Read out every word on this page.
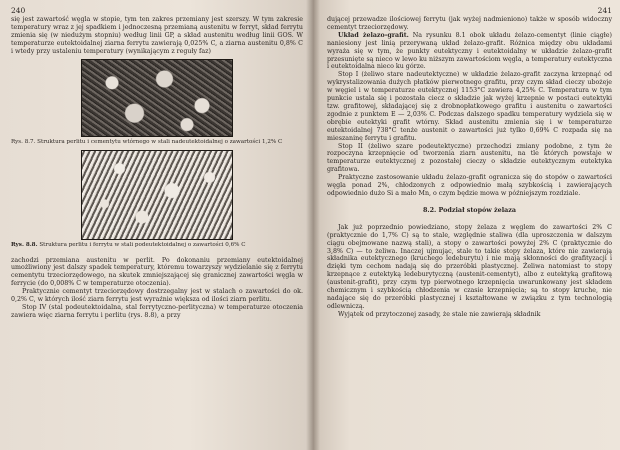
240

się jest zawartość węgla w stopie, tym ten zakres przemiany jest szerszy. W tym zakresie temperatury wraz z jej spadkiem i jednoczesną przemianą austenitu w ferryt, skład ferrytu zmienia się (w niedużym stopniu) według linii GP, a skład austenitu według linii GOS. W temperaturze eutektoidalnej ziarna ferrytu zawierają 0,025% C, a ziarna austenitu 0,8% C i wtedy przy ustaleniu temperatury (wynikającym z reguły faz)

Rys. 8.7. Struktura perlitu i cementytu wtórnego w stali nadeutektoidalnej o zawartości 1,2% C
Rys. 8.8. Struktura perlitu i ferrytu w stali podeutektoidalnej o zawartości 0,6% C

zachodzi przemiana austenitu w perlit. Po dokonaniu przemiany eutektoidalnej umożliwiony jest dalszy spadek temperatury, któremu towarzyszy wydzielanie się z ferrytu cementytu trzeciorzędowego, na skutek zmniejszającej się granicznej zawartości węgla w ferrycie (do 0,008% C w temperaturze otoczenia).

Praktycznie cementyt trzeciorzędowy dostrzegalny jest w stalach o zawartości do ok. 0,2% C, w których ilość ziarn ferrytu jest wyraźnie większa od ilości ziarn perlitu.

Stop IV (stal podeutektoidalna, stal ferrytyczno-perlityczna) w temperaturze otoczenia zawiera więc ziarna ferrytu i perlitu (rys. 8.8), a przy

241

dującej przewadze ilościowej ferrytu (jak wyżej nadmieniono) także w sposób widoczny cementyt trzeciorzędowy.

Układ żelazo-grafit. Na rysunku 8.1 obok układu żelazo-cementyt (linie ciągłe) naniesiony jest linią przerywaną układ żelazo-grafit. Różnica między obu układami wyraża się w tym, że punkty eutektyczny i eutektoidalny w układzie żelazo-grafit przesunięte są nieco w lewo ku niższym zawartościom węgla, a temperatury eutektyczna i eutektoidalna nieco ku górze.

Stop I (żeliwo stare nadeutektyczne) w układzie żelazo-grafit zaczyna krzepnąć od wykrystalizowania dużych płatków pierwotnego grafitu, przy czym skład cieczy ubożeje w węgiel i w temperaturze eutektycznej 1153°C zawiera 4,25% C. Temperatura w tym punkcie ustala się i pozostała ciecz o składzie jak wyżej krzepnie w postaci eutektyki tzw. grafitowej, składającej się z drobnopłatkowego grafitu i austenitu o zawartości zgodnie z punktem E — 2,03% C. Podczas dalszego spadku temperatury wydziela się w obrębie eutektyki grafit wtórny. Skład austenitu zmienia się i w temperaturze eutektoidalnej 738°C tenże austenit o zawartości już tylko 0,69% C rozpada się na mieszaninę ferrytu i grafitu.

Stop II (żeliwo szare podeutektyczne) przechodzi zmiany podobne, z tym że rozpoczyna krzepnięcie od tworzenia ziarn austenitu, na tle których powstaje w temperaturze eutektycznej z pozostałej cieczy o składzie eutektycznym eutektyka grafitowa.

Praktyczne zastosowanie układu żelazo-grafit ogranicza się do stopów o zawartości węgla ponad 2%, chłodzonych z odpowiednio małą szybkością i zawierających odpowiednio dużo Si a mało Mn, o czym będzie mowa w późniejszym rozdziale.

8.2. Podział stopów żelaza

Jak już poprzednio powiedziano, stopy żelaza z węglem do zawartości 2% C (praktycznie do 1,7% C) są to stale, względnie staliwa (dla uproszczenia w dalszym ciągu obejmowane nazwą stali), a stopy o zawartości powyżej 2% C (praktycznie do 3,8% C) — to żeliwa. Inaczej ujmując, stale to takie stopy żelaza, które nie zawierają składnika eutektycznego (kruchego ledeburytu) i nie mają skłonności do grafityzacji i dzięki tym cechom nadają się do przeróbki plastycznej. Żeliwa natomiast to stopy krzepnące z eutektyką ledeburytyczną (austenit-cementyt), albo z eutektyką grafitową (austenit-grafit), przy czym typ pierwotnego krzepnięcia uwarunkowany jest składem chemicznym i szybkością chłodzenia w czasie krzepnięcia; są to stopy kruche, nie nadające się do przeróbki plastycznej i kształtowane w związku z tym technologią odlewniczą.

Wyjątek od przytoczonej zasady, że stale nie zawierają składnik
